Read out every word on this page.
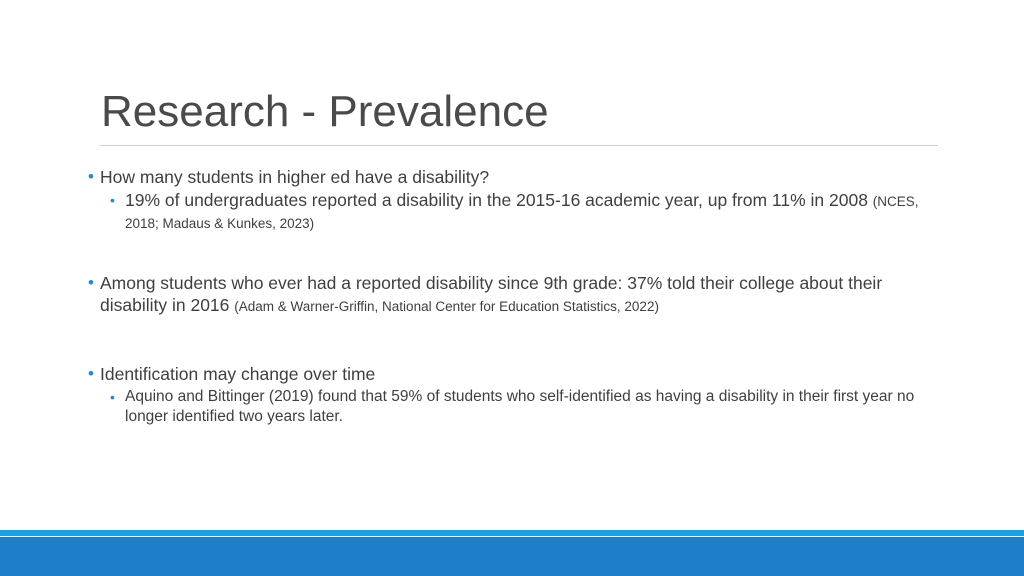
Research - Prevalence
• How many students in higher ed have a disability?
• 19% of undergraduates reported a disability in the 2015-16 academic year, up from 11% in 2008 (NCES, 2018; Madaus & Kunkes, 2023)
• Among students who ever had a reported disability since 9th grade: 37% told their college about their disability in 2016 (Adam & Warner-Griffin, National Center for Education Statistics, 2022)
• Identification may change over time
• Aquino and Bittinger (2019) found that 59% of students who self-identified as having a disability in their first year no longer identified two years later.
